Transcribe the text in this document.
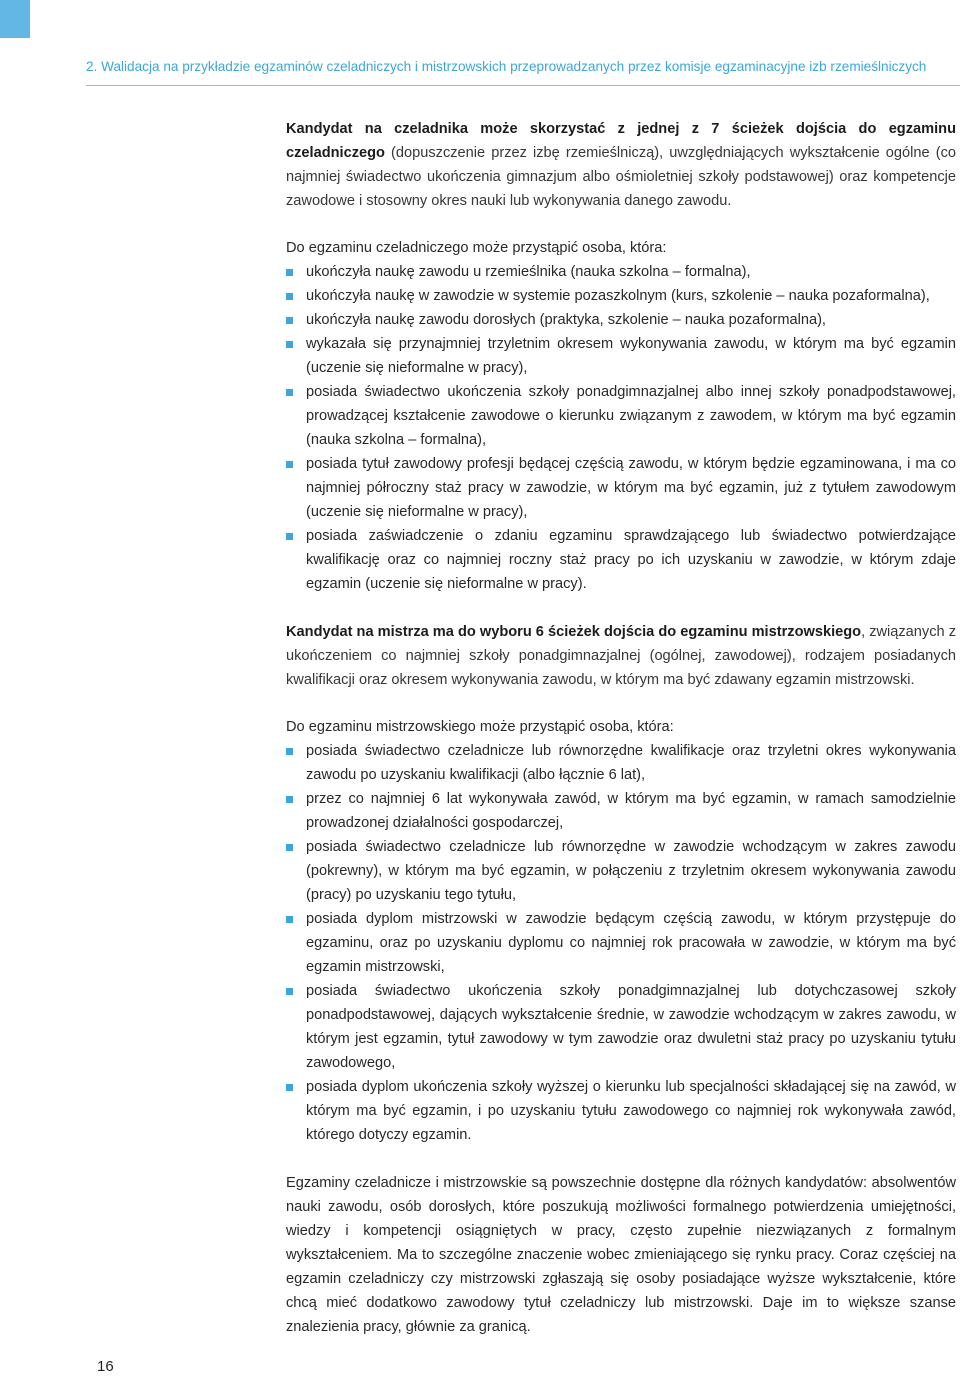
2. Walidacja na przykładzie egzaminów czeladniczych i mistrzowskich przeprowadzanych przez komisje egzaminacyjne izb rzemieślniczych

Kandydat na czeladnika może skorzystać z jednej z 7 ścieżek dojścia do egzaminu czeladniczego (dopuszczenie przez izbę rzemieślniczą), uwzględniających wykształcenie ogólne (co najmniej świadectwo ukończenia gimnazjum albo ośmioletniej szkoły podstawowej) oraz kompetencje zawodowe i stosowny okres nauki lub wykonywania danego zawodu.

Do egzaminu czeladniczego może przystąpić osoba, która:

ukończyła naukę zawodu u rzemieślnika (nauka szkolna – formalna),
ukończyła naukę w zawodzie w systemie pozaszkolnym (kurs, szkolenie – nauka pozaformalna),
ukończyła naukę zawodu dorosłych (praktyka, szkolenie – nauka pozaformalna),
wykazała się przynajmniej trzyletnim okresem wykonywania zawodu, w którym ma być egzamin (uczenie się nieformalne w pracy),
posiada świadectwo ukończenia szkoły ponadgimnazjalnej albo innej szkoły ponadpodstawowej, prowadzącej kształcenie zawodowe o kierunku związanym z zawodem, w którym ma być egzamin (nauka szkolna – formalna),
posiada tytuł zawodowy profesji będącej częścią zawodu, w którym będzie egzaminowana, i ma co najmniej półroczny staż pracy w zawodzie, w którym ma być egzamin, już z tytułem zawodowym (uczenie się nieformalne w pracy),
posiada zaświadczenie o zdaniu egzaminu sprawdzającego lub świadectwo potwierdzające kwalifikację oraz co najmniej roczny staż pracy po ich uzyskaniu w zawodzie, w którym zdaje egzamin (uczenie się nieformalne w pracy).

Kandydat na mistrza ma do wyboru 6 ścieżek dojścia do egzaminu mistrzowskiego, związanych z ukończeniem co najmniej szkoły ponadgimnazjalnej (ogólnej, zawodowej), rodzajem posiadanych kwalifikacji oraz okresem wykonywania zawodu, w którym ma być zdawany egzamin mistrzowski.

Do egzaminu mistrzowskiego może przystąpić osoba, która:

posiada świadectwo czeladnicze lub równorzędne kwalifikacje oraz trzyletni okres wykonywania zawodu po uzyskaniu kwalifikacji (albo łącznie 6 lat),
przez co najmniej 6 lat wykonywała zawód, w którym ma być egzamin, w ramach samodzielnie prowadzonej działalności gospodarczej,
posiada świadectwo czeladnicze lub równorzędne w zawodzie wchodzącym w zakres zawodu (pokrewny), w którym ma być egzamin, w połączeniu z trzyletnim okresem wykonywania zawodu (pracy) po uzyskaniu tego tytułu,
posiada dyplom mistrzowski w zawodzie będącym częścią zawodu, w którym przystępuje do egzaminu, oraz po uzyskaniu dyplomu co najmniej rok pracowała w zawodzie, w którym ma być egzamin mistrzowski,
posiada świadectwo ukończenia szkoły ponadgimnazjalnej lub dotychczasowej szkoły ponadpodstawowej, dających wykształcenie średnie, w zawodzie wchodzącym w zakres zawodu, w którym jest egzamin, tytuł zawodowy w tym zawodzie oraz dwuletni staż pracy po uzyskaniu tytułu zawodowego,
posiada dyplom ukończenia szkoły wyższej o kierunku lub specjalności składającej się na zawód, w którym ma być egzamin, i po uzyskaniu tytułu zawodowego co najmniej rok wykonywała zawód, którego dotyczy egzamin.

Egzaminy czeladnicze i mistrzowskie są powszechnie dostępne dla różnych kandydatów: absolwentów nauki zawodu, osób dorosłych, które poszukują możliwości formalnego potwierdzenia umiejętności, wiedzy i kompetencji osiągniętych w pracy, często zupełnie niezwiązanych z formalnym wykształceniem. Ma to szczególne znaczenie wobec zmieniającego się rynku pracy. Coraz częściej na egzamin czeladniczy czy mistrzowski zgłaszają się osoby posiadające wyższe wykształcenie, które chcą mieć dodatkowo zawodowy tytuł czeladniczy lub mistrzowski. Daje im to większe szanse znalezienia pracy, głównie za granicą.

16
